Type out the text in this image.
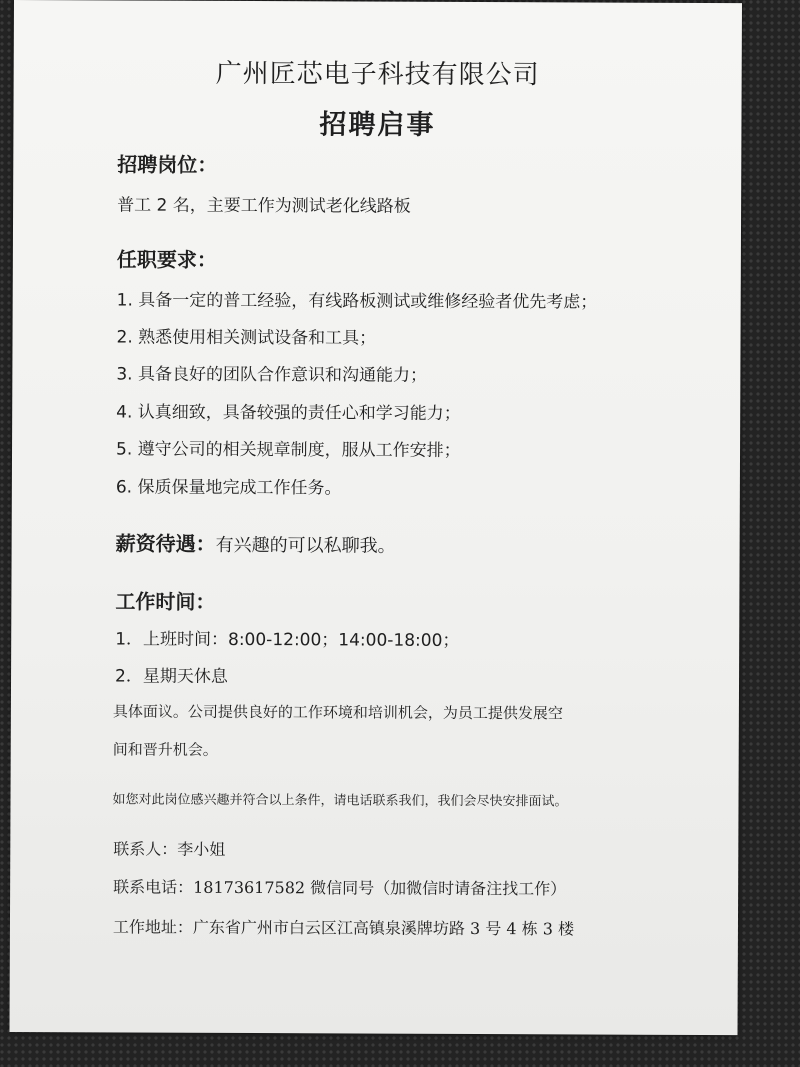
广州匠芯电子科技有限公司
招聘启事
招聘岗位：
普工 2 名，主要工作为测试老化线路板
任职要求：
1. 具备一定的普工经验，有线路板测试或维修经验者优先考虑；
2. 熟悉使用相关测试设备和工具；
3. 具备良好的团队合作意识和沟通能力；
4. 认真细致，具备较强的责任心和学习能力；
5. 遵守公司的相关规章制度，服从工作安排；
6. 保质保量地完成工作任务。
薪资待遇：有兴趣的可以私聊我。
工作时间：
1．上班时间：8:00-12:00；14:00-18:00；
2．星期天休息
具体面议。公司提供良好的工作环境和培训机会，为员工提供发展空
间和晋升机会。
如您对此岗位感兴趣并符合以上条件，请电话联系我们，我们会尽快安排面试。
联系人：李小姐
联系电话：18173617582 微信同号（加微信时请备注找工作）
工作地址：广东省广州市白云区江高镇泉溪牌坊路 3 号 4 栋 3 楼
